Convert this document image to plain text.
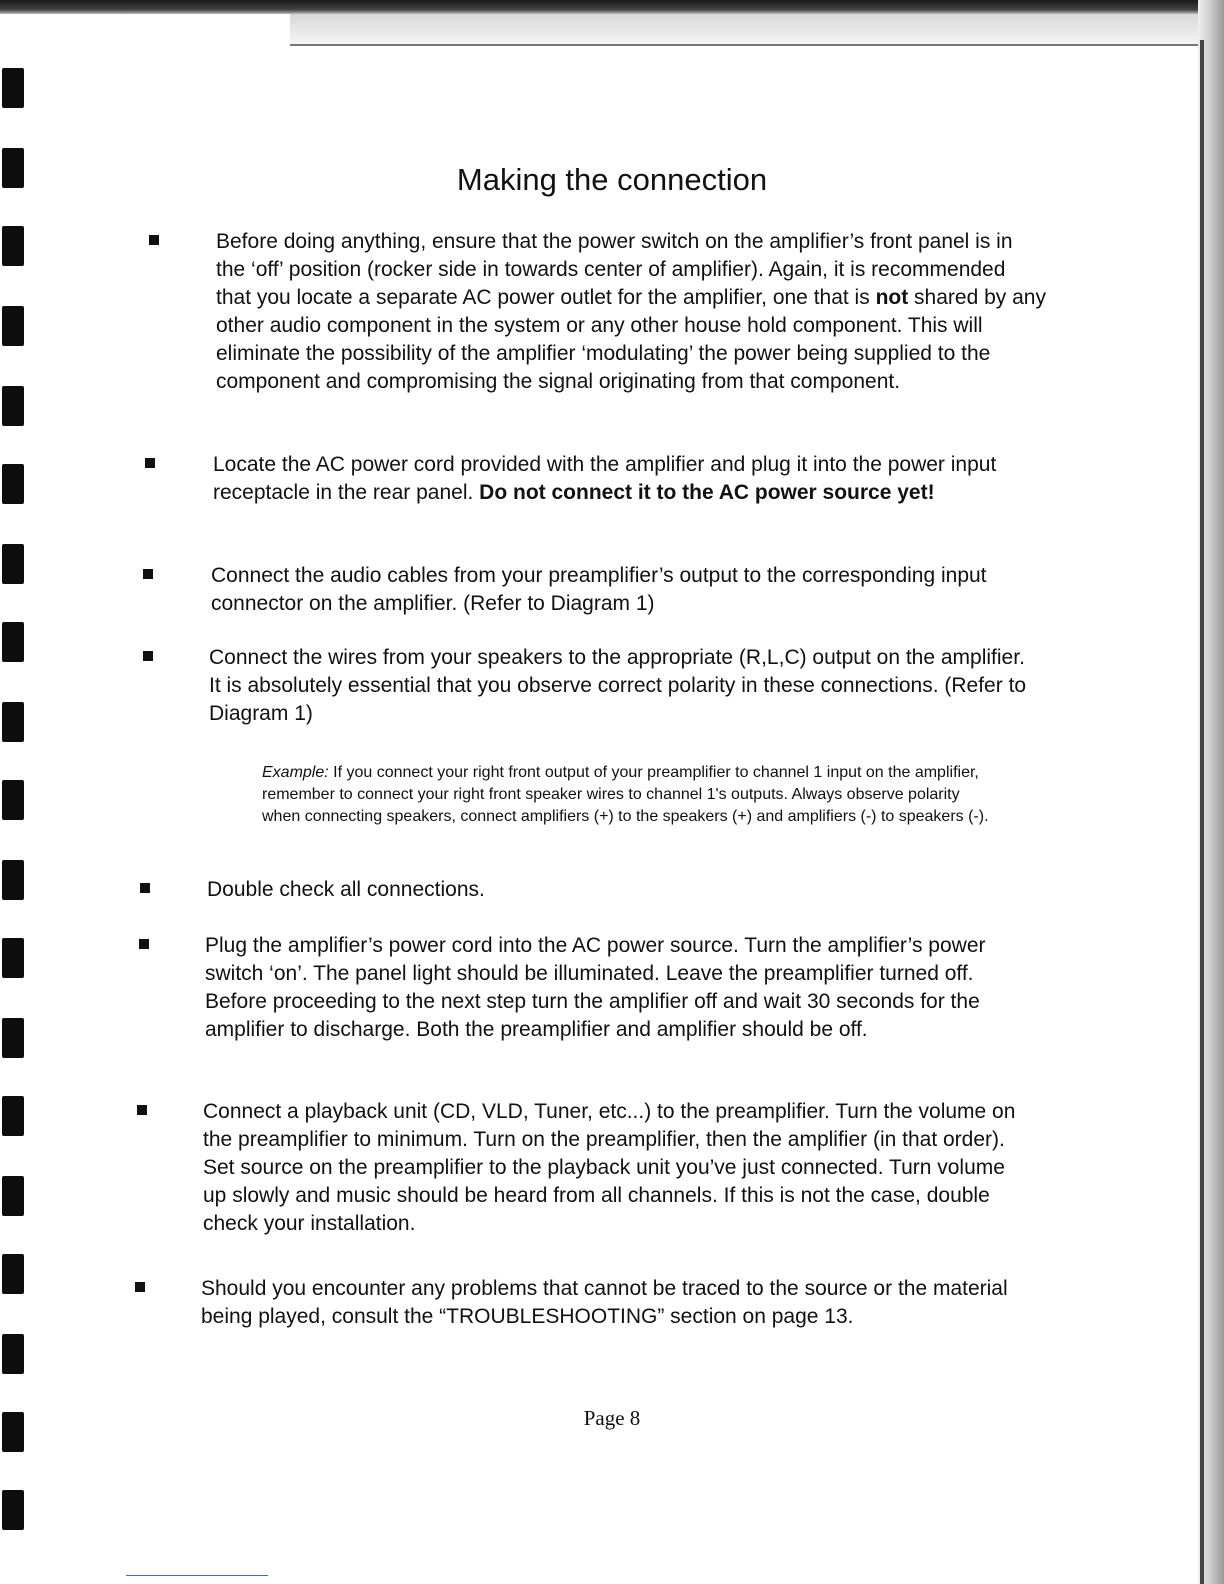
Making the connection
Before doing anything, ensure that the power switch on the amplifier’s front panel is in the ‘off’ position (rocker side in towards center of amplifier). Again, it is recommended that you locate a separate AC power outlet for the amplifier, one that is not shared by any other audio component in the system or any other house hold component. This will eliminate the possibility of the amplifier ‘modulating’ the power being supplied to the component and compromising the signal originating from that component.
Locate the AC power cord provided with the amplifier and plug it into the power input receptacle in the rear panel. Do not connect it to the AC power source yet!
Connect the audio cables from your preamplifier’s output to the corresponding input connector on the amplifier. (Refer to Diagram 1)
Connect the wires from your speakers to the appropriate (R,L,C) output on the amplifier. It is absolutely essential that you observe correct polarity in these connections. (Refer to Diagram 1)
Example: If you connect your right front output of your preamplifier to channel 1 input on the amplifier, remember to connect your right front speaker wires to channel 1's outputs. Always observe polarity when connecting speakers, connect amplifiers (+) to the speakers (+) and amplifiers (-) to speakers (-).
Double check all connections.
Plug the amplifier’s power cord into the AC power source. Turn the amplifier’s power switch ‘on’. The panel light should be illuminated. Leave the preamplifier turned off. Before proceeding to the next step turn the amplifier off and wait 30 seconds for the amplifier to discharge. Both the preamplifier and amplifier should be off.
Connect a playback unit (CD, VLD, Tuner, etc...) to the preamplifier. Turn the volume on the preamplifier to minimum. Turn on the preamplifier, then the amplifier (in that order). Set source on the preamplifier to the playback unit you’ve just connected. Turn volume up slowly and music should be heard from all channels. If this is not the case, double check your installation.
Should you encounter any problems that cannot be traced to the source or the material being played, consult the “TROUBLESHOOTING” section on page 13.
Page 8
